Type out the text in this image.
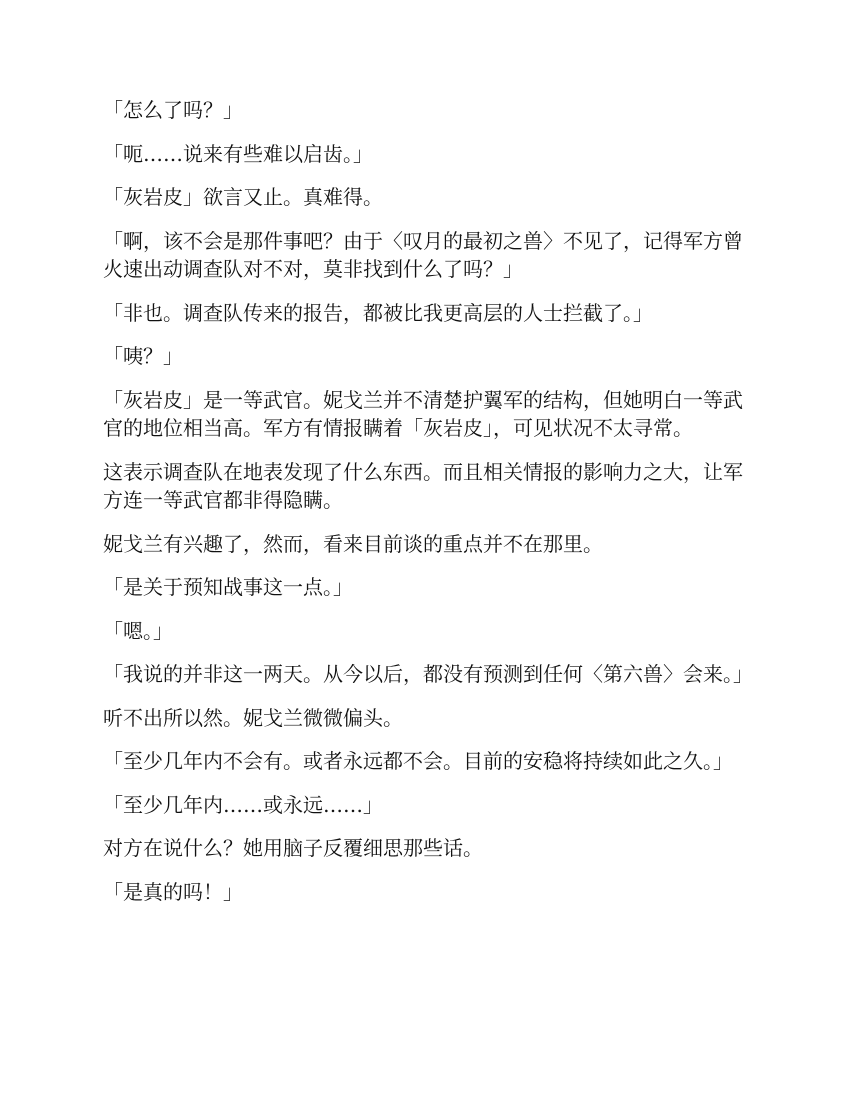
「怎么了吗？」

「呃……说来有些难以启齿。」

「灰岩皮」欲言又止。真难得。

「啊，该不会是那件事吧？由于〈叹月的最初之兽〉不见了，记得军方曾火速出动调查队对不对，莫非找到什么了吗？」

「非也。调查队传来的报告，都被比我更高层的人士拦截了。」

「咦？」

「灰岩皮」是一等武官。妮戈兰并不清楚护翼军的结构，但她明白一等武官的地位相当高。军方有情报瞒着「灰岩皮」，可见状况不太寻常。

这表示调查队在地表发现了什么东西。而且相关情报的影响力之大，让军方连一等武官都非得隐瞒。

妮戈兰有兴趣了，然而，看来目前谈的重点并不在那里。

「是关于预知战事这一点。」

「嗯。」

「我说的并非这一两天。从今以后，都没有预测到任何〈第六兽〉会来。」

听不出所以然。妮戈兰微微偏头。

「至少几年内不会有。或者永远都不会。目前的安稳将持续如此之久。」

「至少几年内……或永远……」

对方在说什么？她用脑子反覆细思那些话。

「是真的吗！」
